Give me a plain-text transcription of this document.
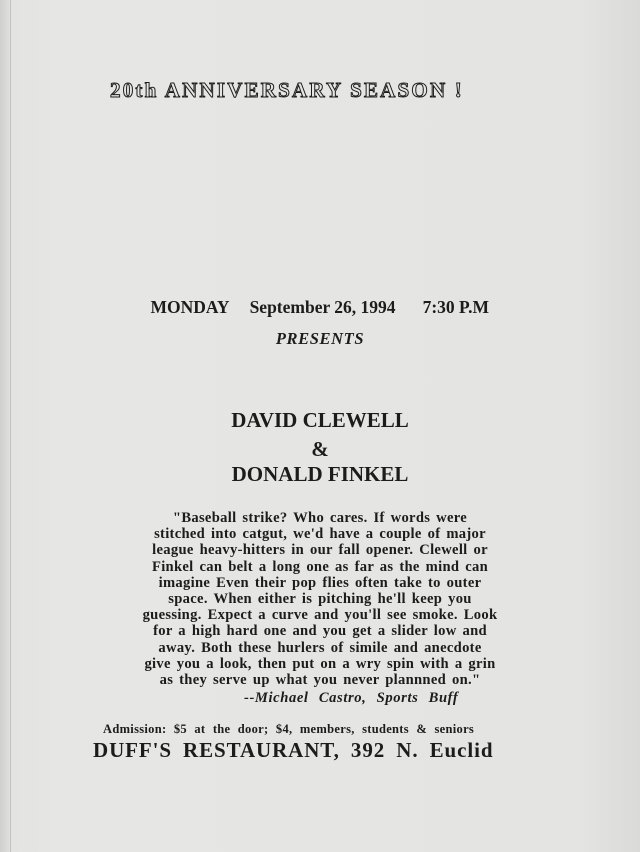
20th ANNIVERSARY SEASON !

MONDAY September 26, 1994 7:30 P.M

PRESENTS
DAVID CLEWELL
&
DONALD FINKEL
"Baseball strike? Who cares. If words were
stitched into catgut, we'd have a couple of major
league heavy-hitters in our fall opener. Clewell or
Finkel can belt a long one as far as the mind can
imagine Even their pop flies often take to outer
space. When either is pitching he'll keep you
guessing. Expect a curve and you'll see smoke. Look
for a high hard one and you get a slider low and
away. Both these hurlers of simile and anecdote
give you a look, then put on a wry spin with a grin
as they serve up what you never plannned on."
--Michael Castro, Sports Buff
Admission: $5 at the door; $4, members, students & seniors
DUFF'S RESTAURANT, 392 N. Euclid
